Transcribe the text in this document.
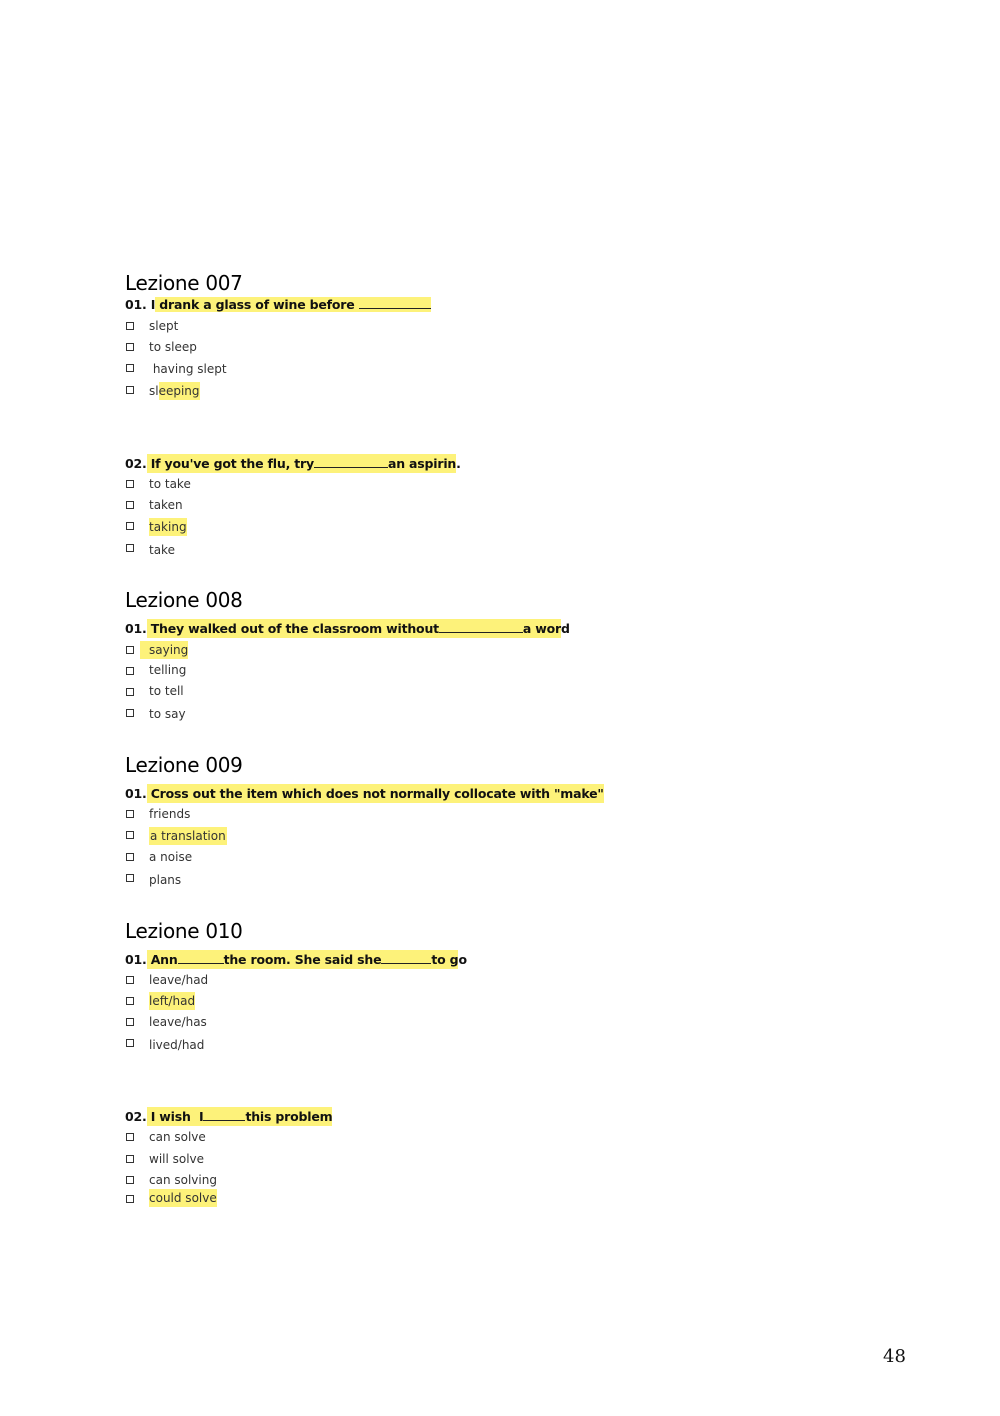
Lezione 007
01. I drank a glass of wine before
slept
to sleep
having slept
sleeping
02. If you've got the flu, try	an aspirin.
to take
taken
taking
take
Lezione 008
01. They walked out of the classroom without	a word
saying
telling
to tell
to say
Lezione 009
01. Cross out the item which does not normally collocate with "make"
friends
a translation
a noise
plans
Lezione 010
01. Ann	the room. She said she	to go
leave/had
left/had
leave/has
lived/had
02. I wish  I	this problem
can solve
will solve
can solving
could solve
48
